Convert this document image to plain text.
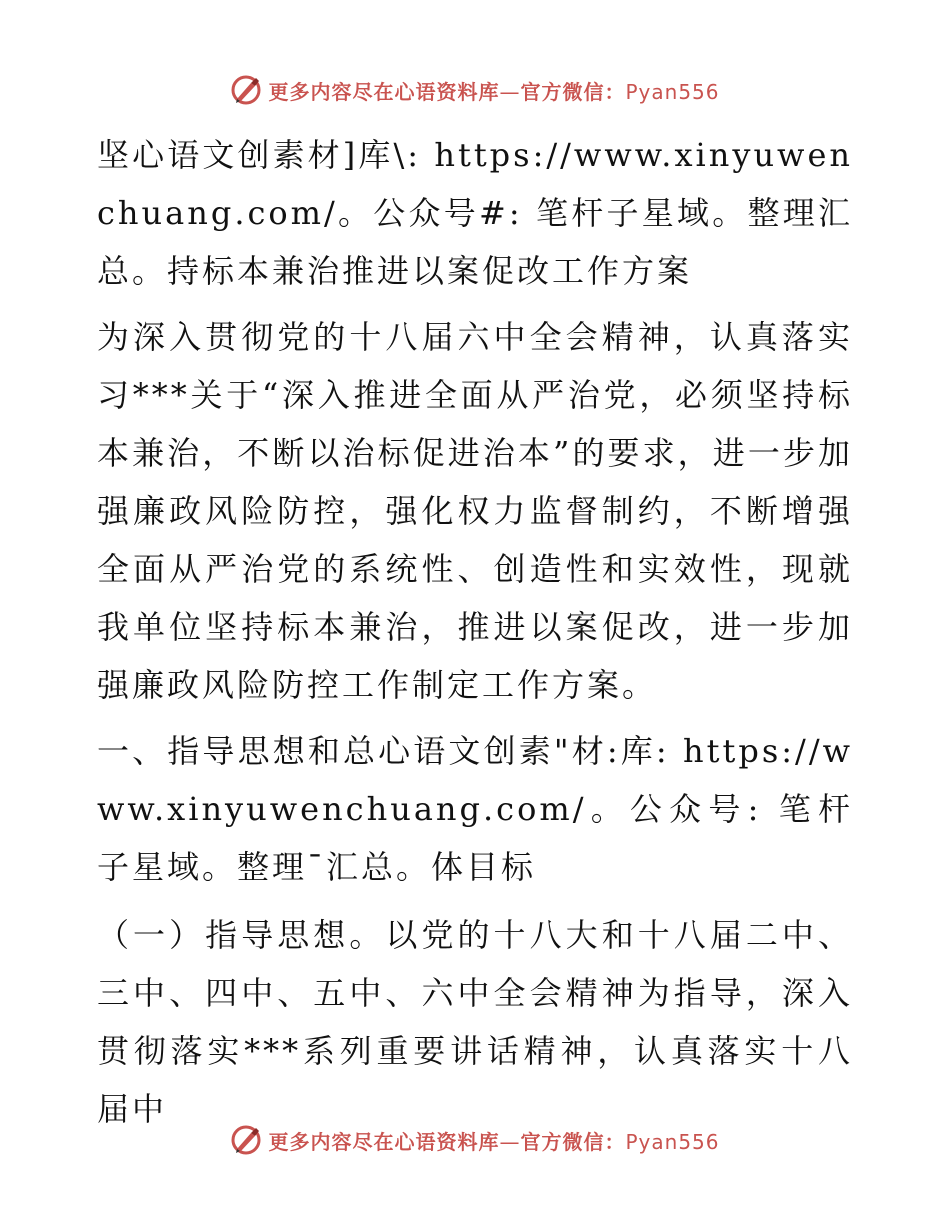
更多内容尽在心语资料库—官方微信：Pyan556

坚心语文创素材]库\: https://www.xinyuwenchuang.com/。公众号#: 笔杆子星域。整理汇总。持标本兼治推进以案促改工作方案

为深入贯彻党的十八届六中全会精神，认真落实习***关于“深入推进全面从严治党，必须坚持标本兼治，不断以治标促进治本”的要求，进一步加强廉政风险防控，强化权力监督制约，不断增强全面从严治党的系统性、创造性和实效性，现就我单位坚持标本兼治，推进以案促改，进一步加强廉政风险防控工作制定工作方案。

一、指导思想和总心语文创素"材:库: https://www.xinyuwenchuang.com/。公众号: 笔杆子星域。整理¯汇总。体目标

（一）指导思想。以党的十八大和十八届二中、三中、四中、五中、六中全会精神为指导，深入贯彻落实***系列重要讲话精神，认真落实十八届中

更多内容尽在心语资料库—官方微信：Pyan556
